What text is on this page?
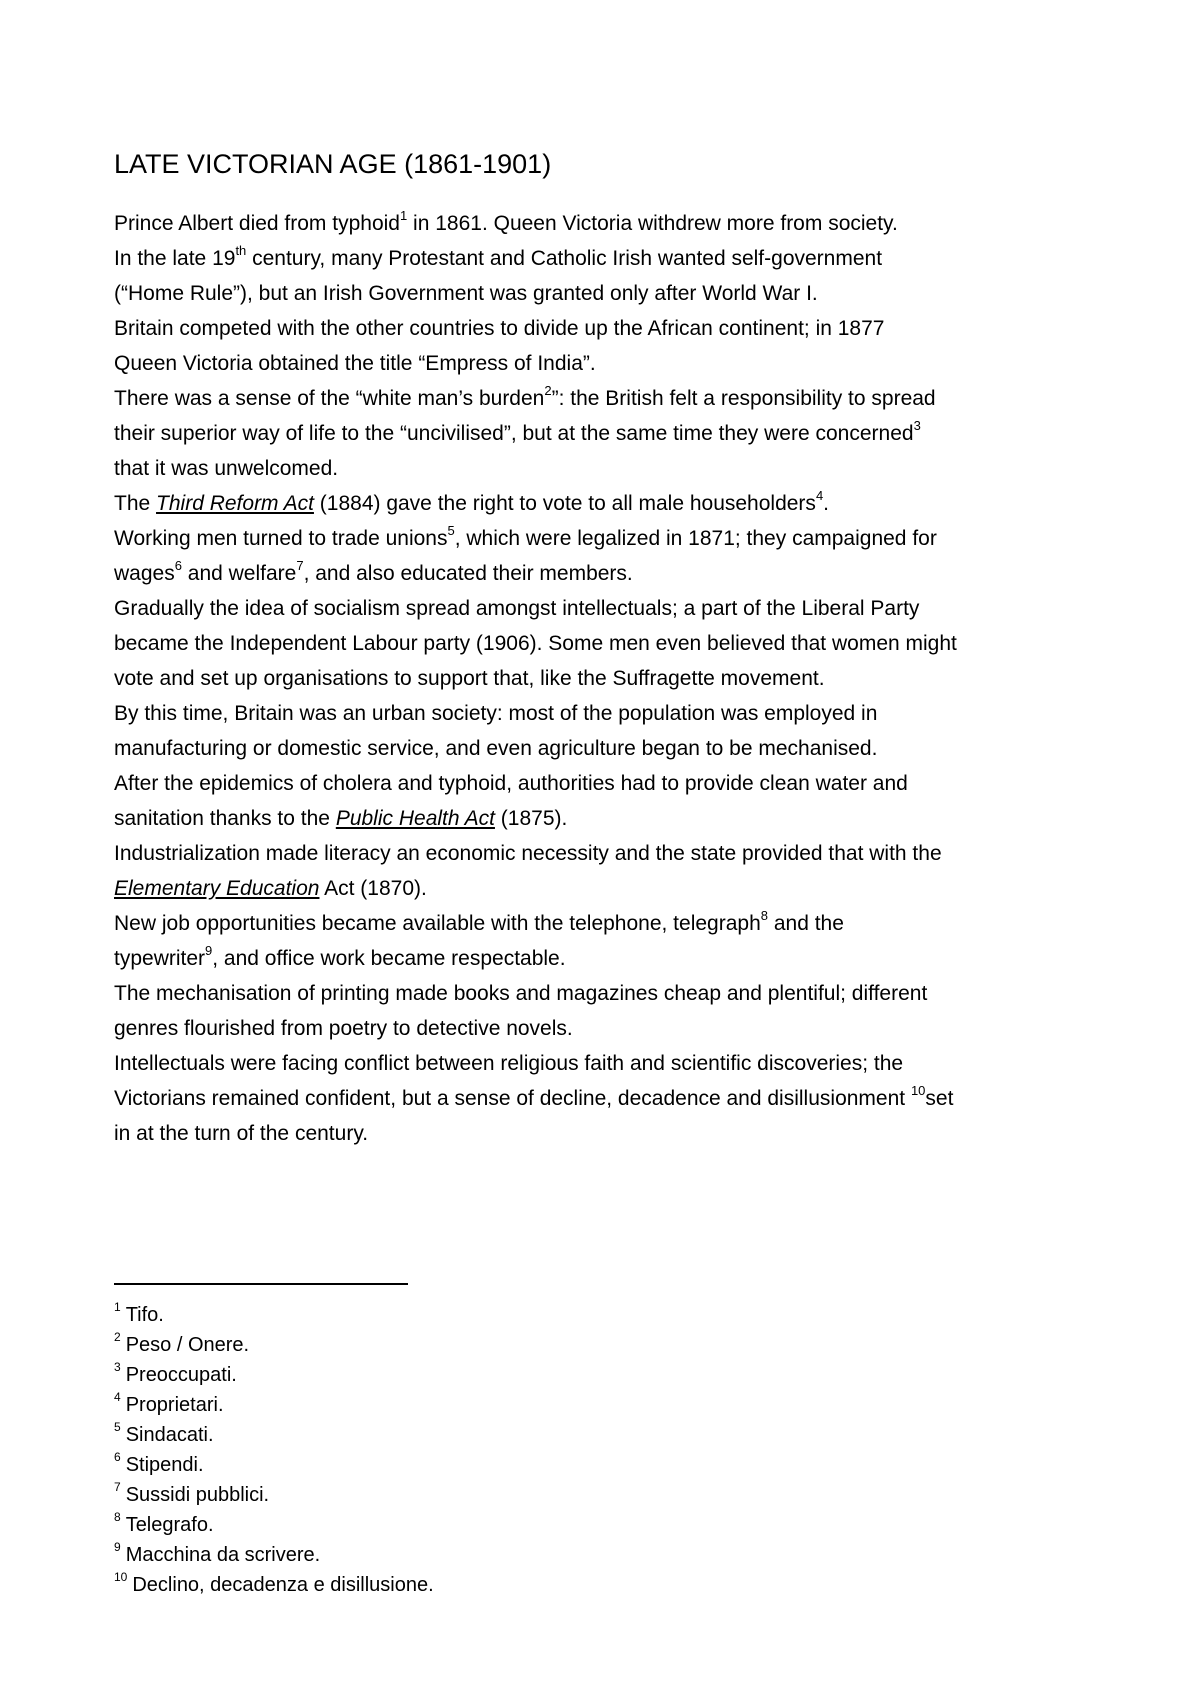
LATE VICTORIAN AGE (1861-1901)
Prince Albert died from typhoid$^1$ in 1861. Queen Victoria withdrew more from society.
In the late 19th century, many Protestant and Catholic Irish wanted self-government
(“Home Rule”), but an Irish Government was granted only after World War I.
Britain competed with the other countries to divide up the African continent; in 1877
Queen Victoria obtained the title “Empress of India”.
There was a sense of the “white man’s burden$^2$”: the British felt a responsibility to spread
their superior way of life to the “uncivilised”, but at the same time they were concerned$^3$
that it was unwelcomed.
The Third Reform Act (1884) gave the right to vote to all male householders$^4$.
Working men turned to trade unions$^5$, which were legalized in 1871; they campaigned for
wages$^6$ and welfare$^7$, and also educated their members.
Gradually the idea of socialism spread amongst intellectuals; a part of the Liberal Party
became the Independent Labour party (1906). Some men even believed that women might
vote and set up organisations to support that, like the Suffragette movement.
By this time, Britain was an urban society: most of the population was employed in
manufacturing or domestic service, and even agriculture began to be mechanised.
After the epidemics of cholera and typhoid, authorities had to provide clean water and
sanitation thanks to the Public Health Act (1875).
Industrialization made literacy an economic necessity and the state provided that with the
Elementary Education Act (1870).
New job opportunities became available with the telephone, telegraph$^8$ and the
typewriter$^9$, and office work became respectable.
The mechanisation of printing made books and magazines cheap and plentiful; different
genres flourished from poetry to detective novels.
Intellectuals were facing conflict between religious faith and scientific discoveries; the
Victorians remained confident, but a sense of decline, decadence and disillusionment $^{10}$set
in at the turn of the century.
$^1$ Tifo.
$^2$ Peso / Onere.
$^3$ Preoccupati.
$^4$ Proprietari.
$^5$ Sindacati.
$^6$ Stipendi.
$^7$ Sussidi pubblici.
$^8$ Telegrafo.
$^9$ Macchina da scrivere.
$^{10}$ Declino, decadenza e disillusione.
